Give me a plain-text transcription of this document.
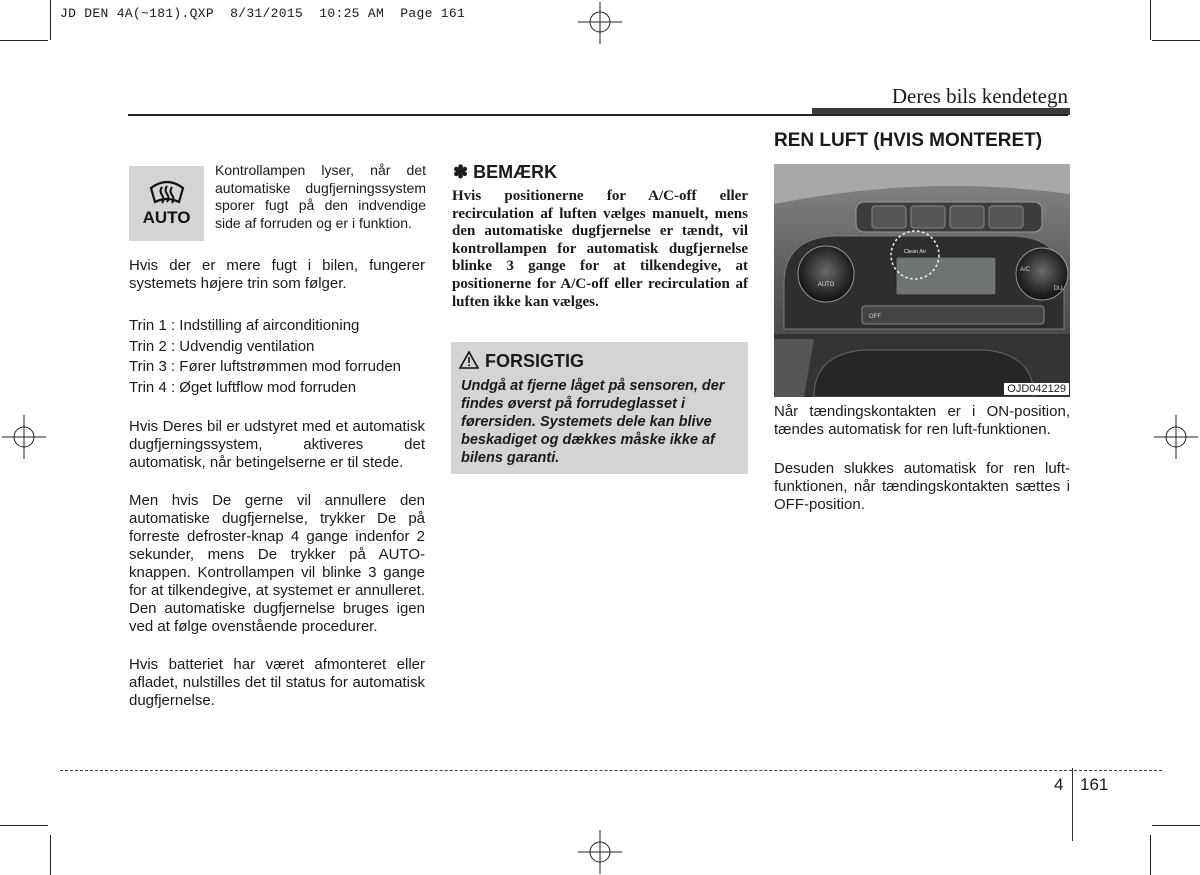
JD DEN 4A(~181).QXP 8/31/2015 10:25 AM Page 161
Deres bils kendetegn
AUTO
Kontrollampen lyser, når det automatiske dugfjerningssystem sporer fugt på den indvendige side af forruden og er i funktion.
Hvis der er mere fugt i bilen, fungerer systemets højere trin som følger.
Trin 1 : Indstilling af airconditioning
Trin 2 : Udvendig ventilation
Trin 3 : Fører luftstrømmen mod forruden
Trin 4 : Øget luftflow mod forruden
Hvis Deres bil er udstyret med et automatisk dugfjerningssystem, aktiveres det automatisk, når betingelserne er til stede.
Men hvis De gerne vil annullere den automatiske dugfjernelse, trykker De på forreste defroster-knap 4 gange indenfor 2 sekunder, mens De trykker på AUTO-knappen. Kontrollampen vil blinke 3 gange for at tilkendegive, at systemet er annulleret. Den automatiske dugfjernelse bruges igen ved at følge ovenstående procedurer.
Hvis batteriet har været afmonteret eller afladet, nulstilles det til status for automatisk dugfjernelse.
✽ BEMÆRK
Hvis positionerne for A/C-off eller recirculation af luften vælges manuelt, mens den automatiske dugfjernelse er tændt, vil kontrollampen for automatisk dugfjernelse blinke 3 gange for at tilkendegive, at positionerne for A/C-off eller recirculation af luften ikke kan vælges.
FORSIGTIG
Undgå at fjerne låget på sensoren, der findes øverst på forrudeglasset i førersiden. Systemets dele kan blive beskadiget og dækkes måske ikke af bilens garanti.
REN LUFT (HVIS MONTERET)
AUTO
DU
Clean Air
A/C
OFF
OJD042129
Når tændingskontakten er i ON-position, tændes automatisk for ren luft-funktionen.
Desuden slukkes automatisk for ren luft-funktionen, når tændingskontakten sættes i OFF-position.
4 161
